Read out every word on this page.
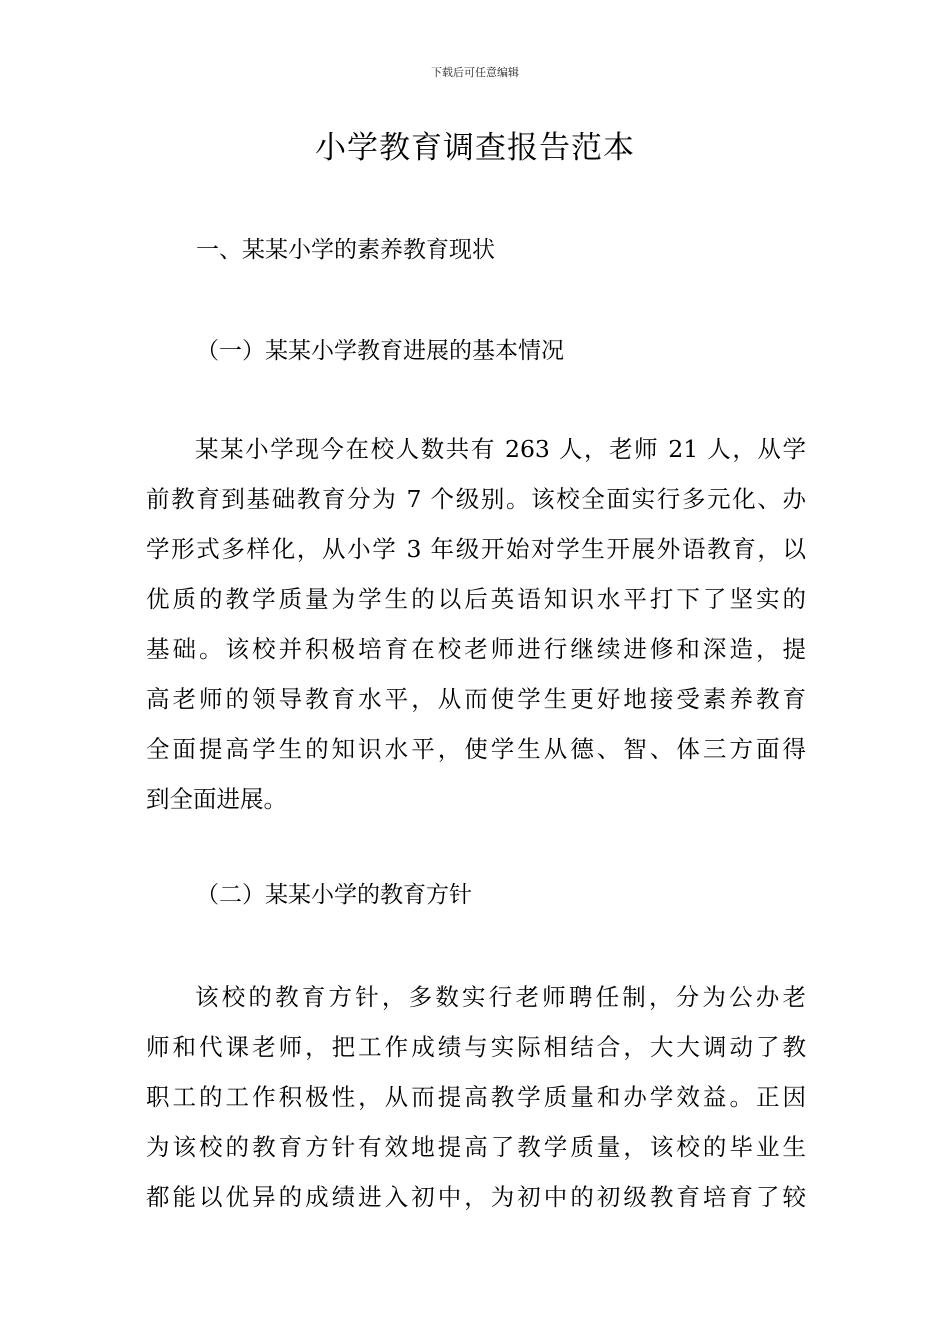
下载后可任意编辑
小学教育调查报告范本
一、某某小学的素养教育现状
（一）某某小学教育进展的基本情况
某某小学现今在校人数共有 263 人，老师 21 人，从学
前教育到基础教育分为 7 个级别。该校全面实行多元化、办
学形式多样化，从小学 3 年级开始对学生开展外语教育，以
优质的教学质量为学生的以后英语知识水平打下了坚实的
基础。该校并积极培育在校老师进行继续进修和深造，提
高老师的领导教育水平，从而使学生更好地接受素养教育
全面提高学生的知识水平，使学生从德、智、体三方面得
到全面进展。
（二）某某小学的教育方针
该校的教育方针，多数实行老师聘任制，分为公办老
师和代课老师，把工作成绩与实际相结合，大大调动了教
职工的工作积极性，从而提高教学质量和办学效益。正因
为该校的教育方针有效地提高了教学质量，该校的毕业生
都能以优异的成绩进入初中，为初中的初级教育培育了较
